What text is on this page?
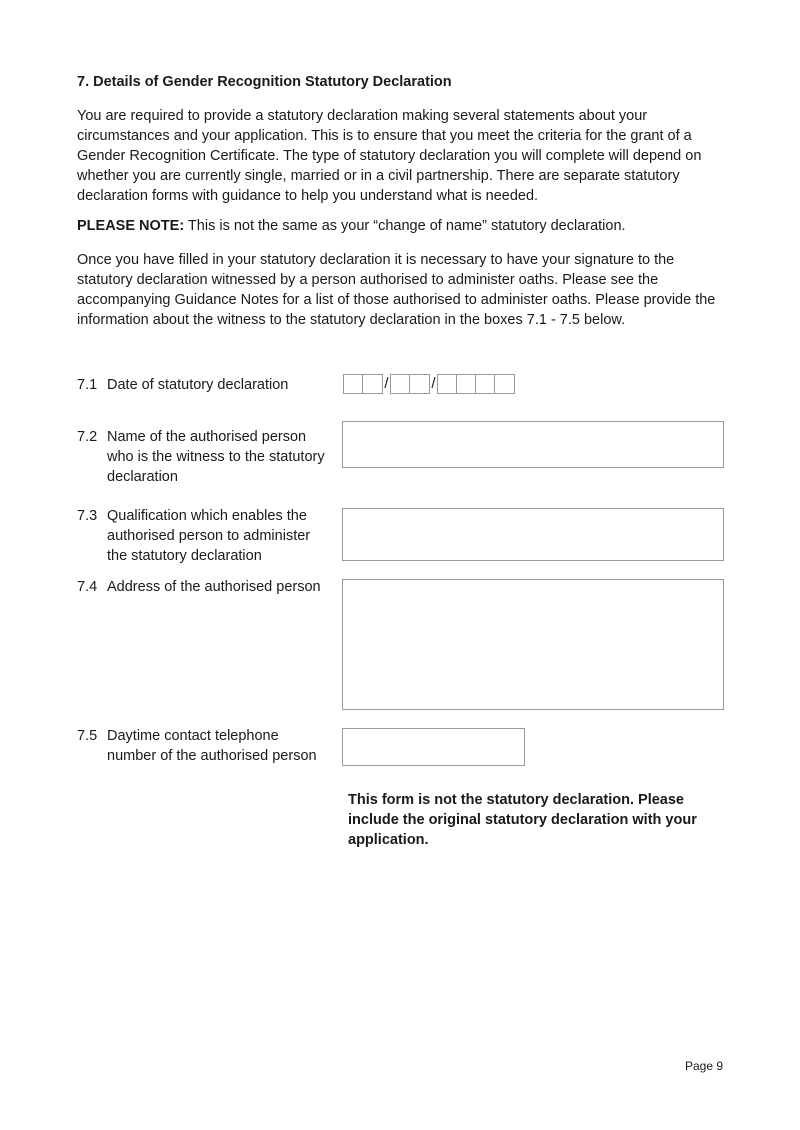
7. Details of Gender Recognition Statutory Declaration

You are required to provide a statutory declaration making several statements about your circumstances and your application. This is to ensure that you meet the criteria for the grant of a Gender Recognition Certificate. The type of statutory declaration you will complete will depend on whether you are currently single, married or in a civil partnership. There are separate statutory declaration forms with guidance to help you understand what is needed.

PLEASE NOTE: This is not the same as your “change of name” statutory declaration.

Once you have filled in your statutory declaration it is necessary to have your signature to the statutory declaration witnessed by a person authorised to administer oaths. Please see the accompanying Guidance Notes for a list of those authorised to administer oaths. Please provide the information about the witness to the statutory declaration in the boxes 7.1 - 7.5 below.

7.1 Date of statutory declaration	/	/
7.2 Name of the authorised person who is the witness to the statutory declaration
7.3 Qualification which enables the authorised person to administer the statutory declaration
7.4 Address of the authorised person
7.5 Daytime contact telephone number of the authorised person

This form is not the statutory declaration. Please include the original statutory declaration with your application.

Page 9
